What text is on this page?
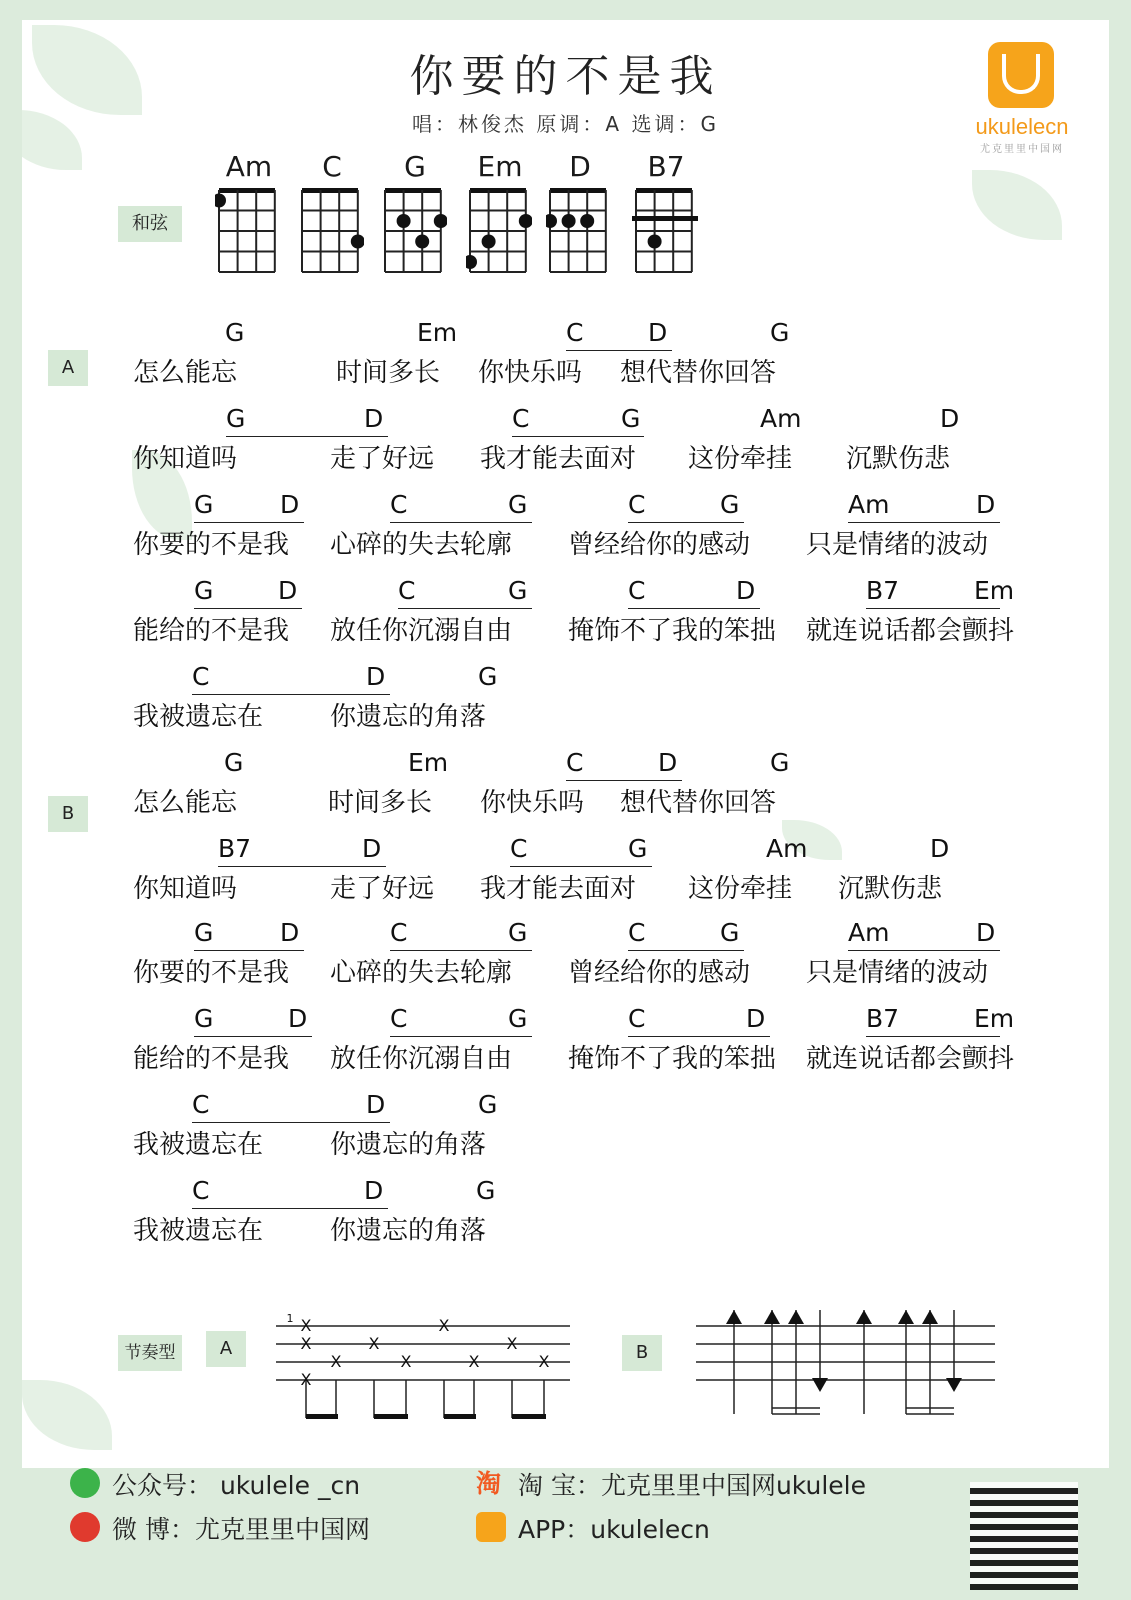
你要的不是我
唱：林俊杰 原调：A 选调：G	ukulelecn
尤克里里中国网
和弦
Am	C	G	Em	D	B7
A
B
G	Em	C	D	G
怎么能忘	时间多长 你快乐吗 想代替你回答
G	D	C	G	Am	D
你知道吗	走了好远 我才能去面对 这份牵挂 沉默伤悲
G	D	C	G	C	G	Am	D
你要的不是我 心碎的失去轮廓 曾经给你的感动 只是情绪的波动
G	D	C	G	C	D	B7	Em
能给的不是我 放任你沉溺自由 掩饰不了我的笨拙 就连说话都会颤抖
C	D	G
我被遗忘在	你遗忘的角落
G	Em	C	D	G
怎么能忘	时间多长 你快乐吗 想代替你回答
B7	D	C	G	Am	D
你知道吗	走了好远 我才能去面对 这份牵挂 沉默伤悲
G	D	C	G	C	G	Am	D
你要的不是我 心碎的失去轮廓 曾经给你的感动 只是情绪的波动
G	D	C	G	C	D	B7	Em
能给的不是我 放任你沉溺自由 掩饰不了我的笨拙 就连说话都会颤抖
C	D	G
我被遗忘在	你遗忘的角落
C	D	G
我被遗忘在	你遗忘的角落
节奏型	A	B
X
X
X
X
X
X
X
X
X
X
1
公众号： ukulele _cn
微 博：尤克里里中国网
淘 淘 宝：尤克里里中国网ukulele
APP：ukulelecn
